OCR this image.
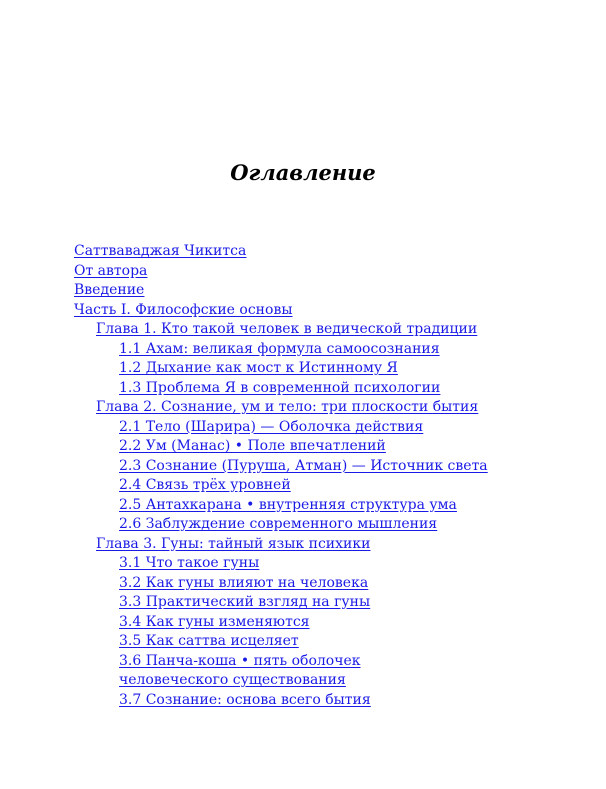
Оглавление
Саттваваджая Чикитса
От автора
Введение
Часть I. Философские основы
Глава 1. Кто такой человек в ведической традиции
1.1 Ахам: великая формула самоосознания
1.2 Дыхание как мост к Истинному Я
1.3 Проблема Я в современной психологии
Глава 2. Сознание, ум и тело: три плоскости бытия
2.1 Тело (Шарира) — Оболочка действия
2.2 Ум (Манас) • Поле впечатлений
2.3 Сознание (Пуруша, Атман) — Источник света
2.4 Связь трёх уровней
2.5 Антахкарана • внутренняя структура ума
2.6 Заблуждение современного мышления
Глава 3. Гуны: тайный язык психики
3.1 Что такое гуны
3.2 Как гуны влияют на человека
3.3 Практический взгляд на гуны
3.4 Как гуны изменяются
3.5 Как саттва исцеляет
3.6 Панча-коша • пять оболочек человеческого существования
3.7 Сознание: основа всего бытия
